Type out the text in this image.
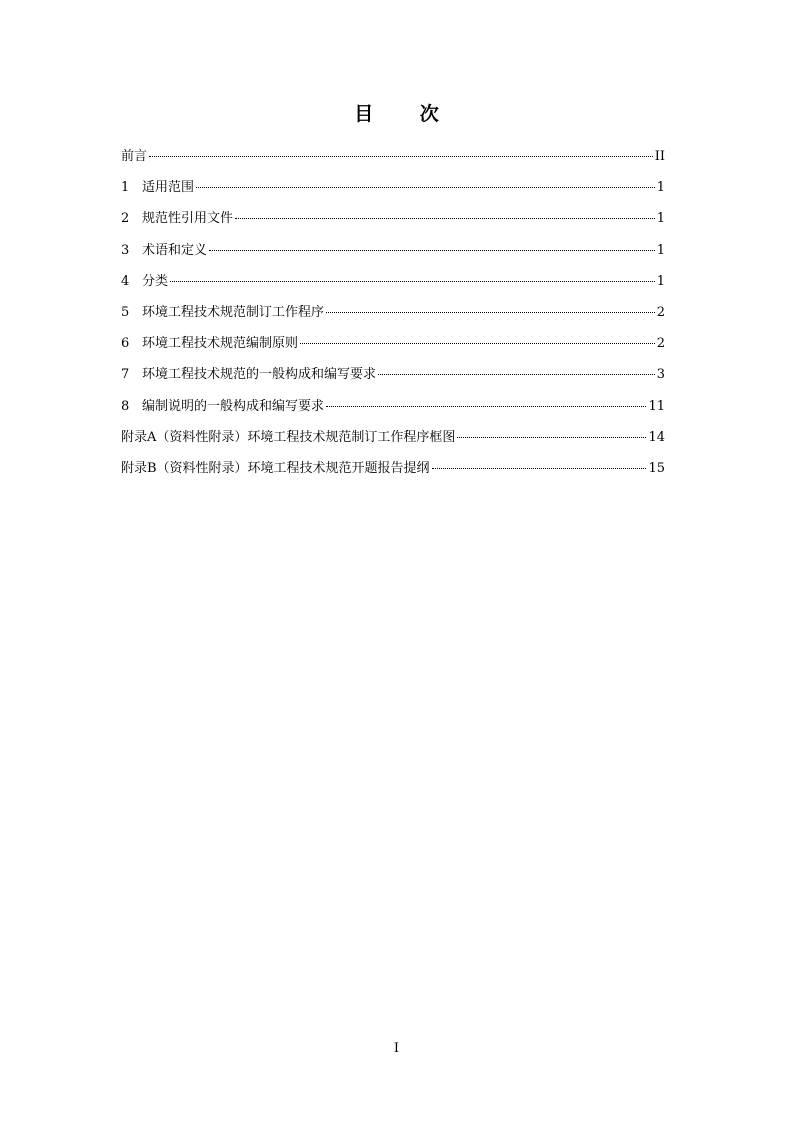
目 次
前言	II
1 适用范围	1
2 规范性引用文件	1
3 术语和定义	1
4 分类	1
5 环境工程技术规范制订工作程序	2
6 环境工程技术规范编制原则	2
7 环境工程技术规范的一般构成和编写要求	3
8 编制说明的一般构成和编写要求	11
附录A（资料性附录）环境工程技术规范制订工作程序框图	14
附录B（资料性附录）环境工程技术规范开题报告提纲	15
I
